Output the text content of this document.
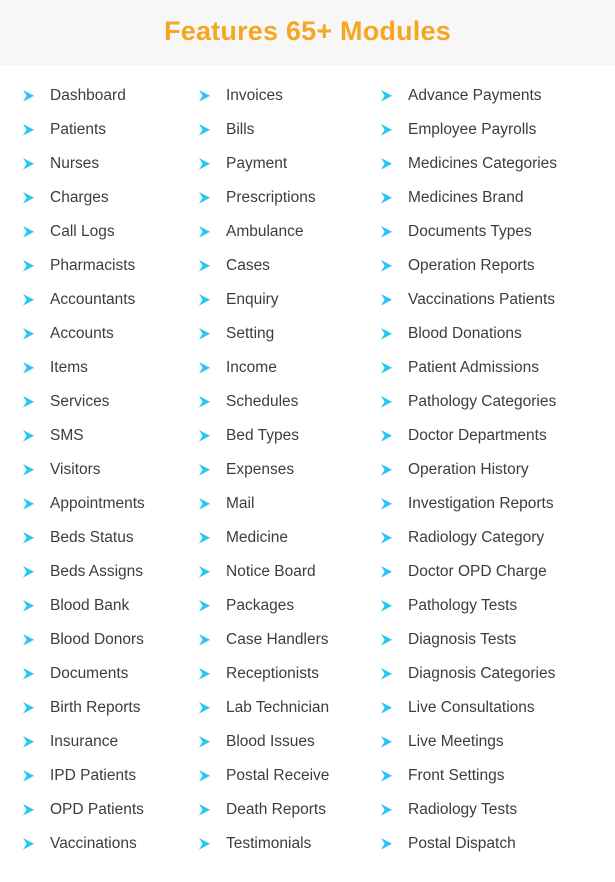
Features 65+ Modules
Dashboard
Patients
Nurses
Charges
Call Logs
Pharmacists
Accountants
Accounts
Items
Services
SMS
Visitors
Appointments
Beds Status
Beds Assigns
Blood Bank
Blood Donors
Documents
Birth Reports
Insurance
IPD Patients
OPD Patients
Vaccinations
Invoices
Bills
Payment
Prescriptions
Ambulance
Cases
Enquiry
Setting
Income
Schedules
Bed Types
Expenses
Mail
Medicine
Notice Board
Packages
Case Handlers
Receptionists
Lab Technician
Blood Issues
Postal Receive
Death Reports
Testimonials
Advance Payments
Employee Payrolls
Medicines Categories
Medicines Brand
Documents Types
Operation Reports
Vaccinations Patients
Blood Donations
Patient Admissions
Pathology Categories
Doctor Departments
Operation History
Investigation Reports
Radiology Category
Doctor OPD Charge
Pathology Tests
Diagnosis Tests
Diagnosis Categories
Live Consultations
Live Meetings
Front Settings
Radiology Tests
Postal Dispatch
